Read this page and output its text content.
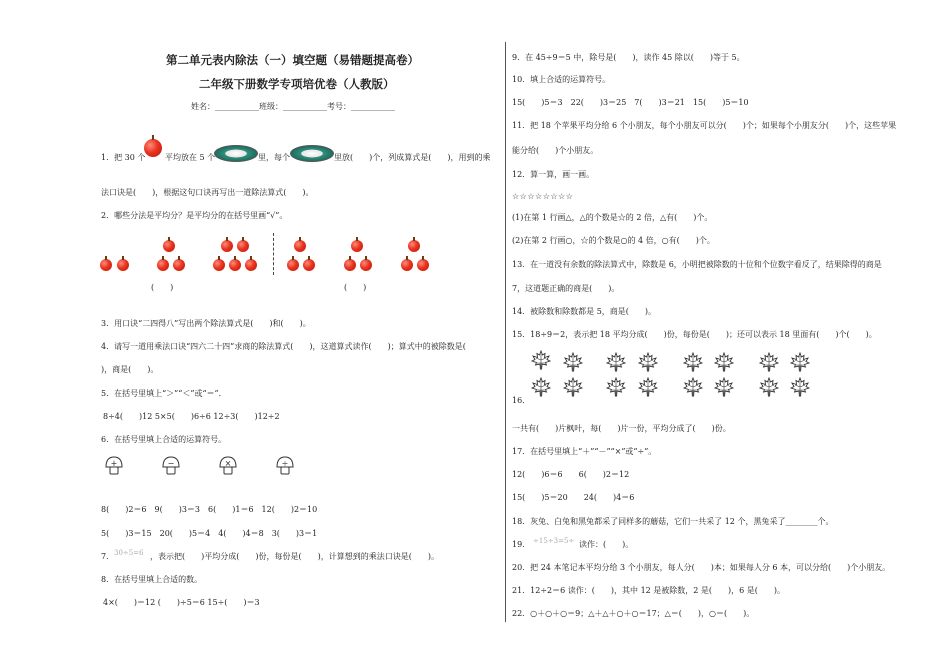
第二单元表内除法（一）填空题（易错题提高卷）
二年级下册数学专项培优卷（人教版）
姓名：___________班级：___________考号：___________
1．把 30 个 平均放在 5 个	里，每个	里放(　　)个，列成算式是(　　)，用到的乘
法口诀是(　　)，根据这句口诀再写出一道除法算式(　　)。
2．哪些分法是平均分？是平均分的在括号里画“√”。
(　　)	(　　)
3．用口诀“二四得八”写出两个除法算式是(　　)和(　　)。
4．请写一道用乘法口诀“四六二十四”求商的除法算式(　　)，这道算式读作(　　)；算式中的被除数是(
)，商是(　　)。
5．在括号里填上“＞”“＜”或“＝”．
8÷4(　　)12 5×5(　　)6÷6 12÷3(　　)12÷2
6．在括号里填上合适的运算符号。
+	−	×	÷
8(　　)2＝6　9(　　)3＝3　6(　　)1＝6　12(　　)2＝10
5(　　)3＝15　20(　　)5＝4　4(　　)4＝8　3(　　)3＝1
7． 30÷5=6 ，表示把(　　)平均分成(　　)份，每份是(　　)，计算想到的乘法口诀是(　　)。
8．在括号里填上合适的数。
4×(　　)＝12 (　　)÷5＝6 15÷(　　)＝3
9．在 45÷9＝5 中，除号是(　　)，读作 45 除以(　　)等于 5。
10．填上合适的运算符号。
15(　　)5＝3　22(　　)3＝25　7(　　)3＝21　15(　　)5＝10
11．把 18 个苹果平均分给 6 个小朋友，每个小朋友可以分(　　)个；如果每个小朋友分(　　)个，这些苹果
能分给(　　)个小朋友。
12．算一算，画一画。
☆☆☆☆☆☆☆☆
(1)在第 1 行画△，△的个数是☆的 2 倍，△有(　　)个。
(2)在第 2 行画○，☆的个数是○的 4 倍，○有(　　)个。
13．在一道没有余数的除法算式中，除数是 6，小明把被除数的十位和个位数字看反了，结果除得的商是
7，这道题正确的商是(　　)。
14．被除数和除数都是 5，商是(　　)。
15．18÷9＝2，表示把 18 平均分成(　　)份，每份是(　　)；还可以表示 18 里面有(　　)个(　　)。
16．
一共有(　　)片枫叶，每(　　)片一份，平均分成了(　　)份。
17．在括号里填上“＋”“－”“×”或“÷”。
12(　　)6＝6　　6(　　)2＝12
15(　　)5＝20　　24(　　)4＝6
18．灰兔、白兔和黑兔都采了同样多的蘑菇，它们一共采了 12 个，黑兔采了________个。
19． ÷15÷3=5÷ 读作：(　　)。
20．把 24 本笔记本平均分给 3 个小朋友，每人分(　　)本；如果每人分 6 本，可以分给(　　)个小朋友。
21．12÷2＝6 读作：(　　)，其中 12 是被除数，2 是(　　)，6 是(　　)。
22．○＋○＋○＝9；△＋△＋○＋○＝17；△＝(　　)，○＝(　　)。
